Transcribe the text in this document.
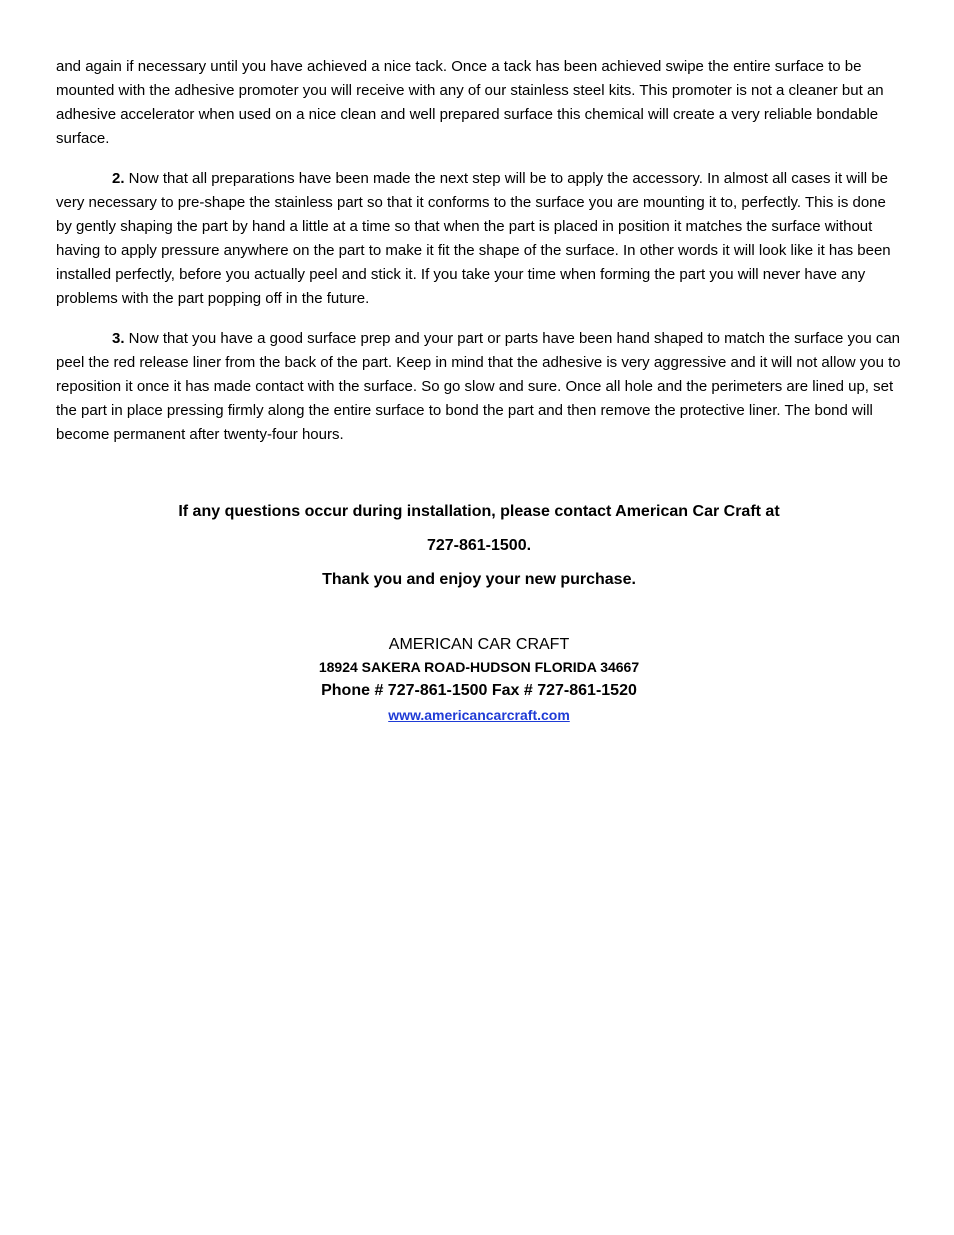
and again if necessary until you have achieved a nice tack. Once a tack has been achieved swipe the entire surface to be mounted with the adhesive promoter you will receive with any of our stainless steel kits. This promoter is not a cleaner but an adhesive accelerator when used on a nice clean and well prepared surface this chemical will create a very reliable bondable surface.

2. Now that all preparations have been made the next step will be to apply the accessory. In almost all cases it will be very necessary to pre-shape the stainless part so that it conforms to the surface you are mounting it to, perfectly. This is done by gently shaping the part by hand a little at a time so that when the part is placed in position it matches the surface without having to apply pressure anywhere on the part to make it fit the shape of the surface. In other words it will look like it has been installed perfectly, before you actually peel and stick it. If you take your time when forming the part you will never have any problems with the part popping off in the future.

3. Now that you have a good surface prep and your part or parts have been hand shaped to match the surface you can peel the red release liner from the back of the part. Keep in mind that the adhesive is very aggressive and it will not allow you to reposition it once it has made contact with the surface. So go slow and sure. Once all hole and the perimeters are lined up, set the part in place pressing firmly along the entire surface to bond the part and then remove the protective liner. The bond will become permanent after twenty-four hours.

If any questions occur during installation, please contact American Car Craft at
727-861-1500.
Thank you and enjoy your new purchase.
AMERICAN CAR CRAFT
18924 SAKERA ROAD-HUDSON FLORIDA 34667
Phone # 727-861-1500 Fax # 727-861-1520
www.americancarcraft.com
